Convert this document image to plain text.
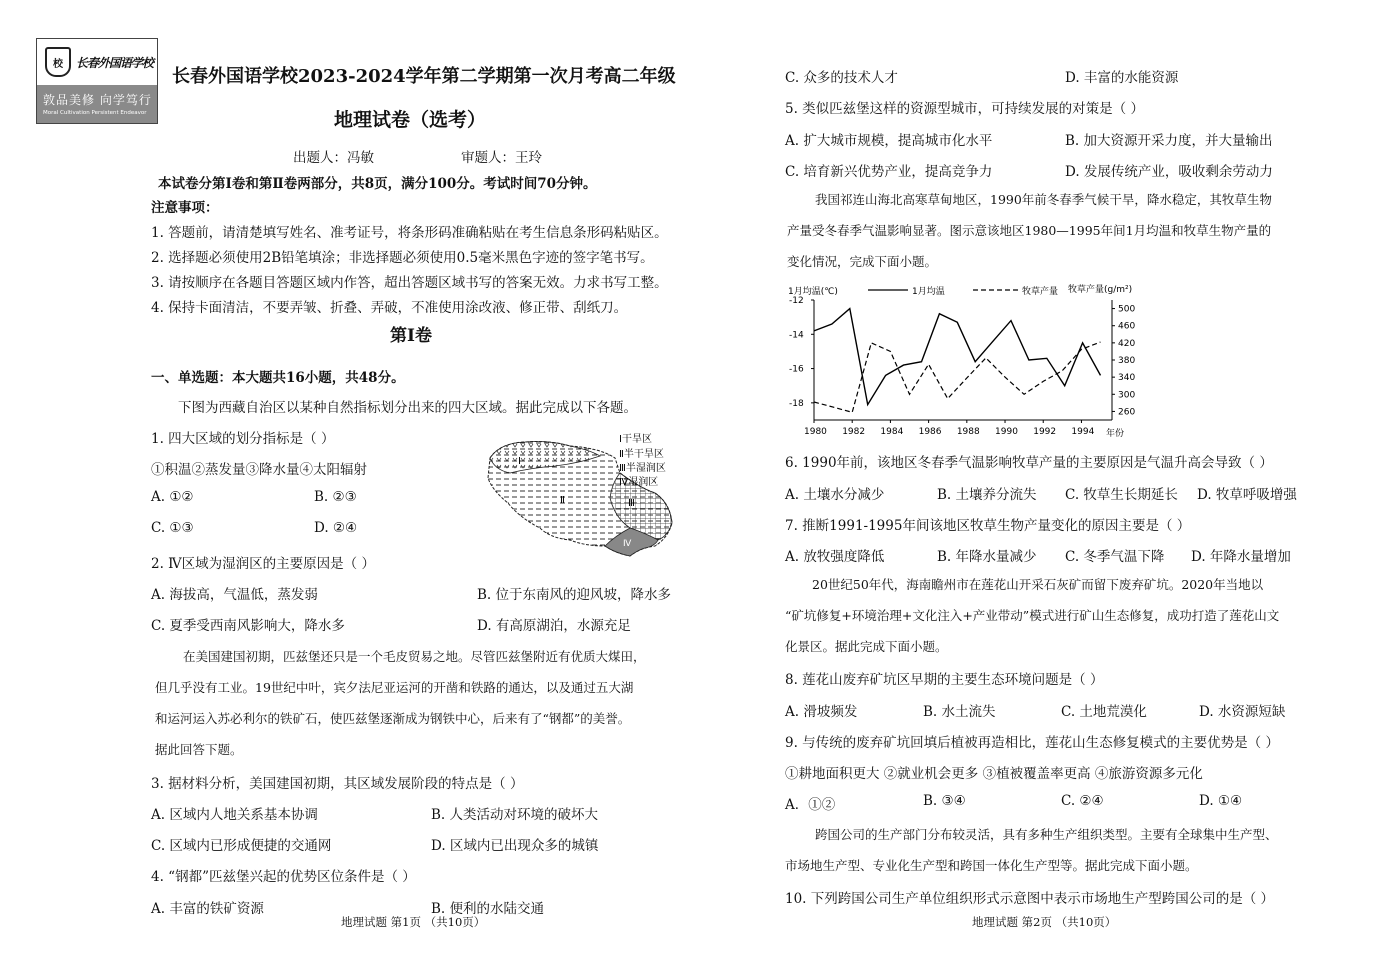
校	长春外国语学校
敦品美修 向学笃行
Moral Cultivation Persistent Endeavor
长春外国语学校2023-2024学年第二学期第一次月考高二年级
地理试卷（选考）
出题人：冯敏	审题人：王玲
本试卷分第Ⅰ卷和第Ⅱ卷两部分，共8页，满分100分。考试时间70分钟。
注意事项：
1. 答题前，请清楚填写姓名、准考证号，将条形码准确粘贴在考生信息条形码粘贴区。
2. 选择题必须使用2B铅笔填涂；非选择题必须使用0.5毫米黑色字迹的签字笔书写。
3. 请按顺序在各题目答题区域内作答，超出答题区域书写的答案无效。力求书写工整。
4. 保持卡面清洁，不要弄皱、折叠、弄破，不准使用涂改液、修正带、刮纸刀。
第Ⅰ卷
一、单选题：本大题共16小题，共48分。
下图为西藏自治区以某种自然指标划分出来的四大区域。据此完成以下各题。
1. 四大区域的划分指标是（ ）
①积温②蒸发量③降水量④太阳辐射
A. ①②	B. ②③
C. ①③	D. ②④
Ⅰ
Ⅱ	Ⅲ
Ⅳ
Ⅰ干旱区
Ⅱ半干旱区
Ⅲ半湿润区
Ⅳ湿润区
2. Ⅳ区域为湿润区的主要原因是（ ）
A. 海拔高，气温低，蒸发弱	B. 位于东南风的迎风坡，降水多
C. 夏季受西南风影响大，降水多	D. 有高原湖泊，水源充足
在美国建国初期，匹兹堡还只是一个毛皮贸易之地。尽管匹兹堡附近有优质大煤田，
但几乎没有工业。19世纪中叶，宾夕法尼亚运河的开凿和铁路的通达，以及通过五大湖
和运河运入苏必利尔的铁矿石，使匹兹堡逐渐成为钢铁中心，后来有了“钢都”的美誉。
据此回答下题。
3. 据材料分析，美国建国初期，其区域发展阶段的特点是（ ）
A. 区域内人地关系基本协调	B. 人类活动对环境的破坏大
C. 区域内已形成便捷的交通网	D. 区域内已出现众多的城镇
4. “钢都”匹兹堡兴起的优势区位条件是（ ）
A. 丰富的铁矿资源	B. 便利的水陆交通
地理试题 第1页 （共10页）
C. 众多的技术人才	D. 丰富的水能资源
5. 类似匹兹堡这样的资源型城市，可持续发展的对策是（ ）
A. 扩大城市规模，提高城市化水平	B. 加大资源开采力度，并大量输出
C. 培育新兴优势产业，提高竞争力	D. 发展传统产业，吸收剩余劳动力
我国祁连山海北高寒草甸地区，1990年前冬春季气候干旱，降水稳定，其牧草生物
产量受冬春季气温影响显著。图示意该地区1980—1995年间1月均温和牧草生物产量的
变化情况，完成下面小题。
1月均温(℃)	1月均温	牧草产量 牧草产量(g/m²)
年份
1980 1982 1984 1986 1988 1990 1992 1994
-12
-14
-16
-18
260
300
340
380
420
460
500
6. 1990年前，该地区冬春季气温影响牧草产量的主要原因是气温升高会导致（ ）
A. 土壤水分减少	B. 土壤养分流失 C. 牧草生长期延长 D. 牧草呼吸增强
7. 推断1991-1995年间该地区牧草生物产量变化的原因主要是（ ）
A. 放牧强度降低	B. 年降水量减少 C. 冬季气温下降 D. 年降水量增加
20世纪50年代，海南瞻州市在莲花山开采石灰矿而留下废弃矿坑。2020年当地以
“矿坑修复+环境治理+文化注入+产业带动”模式进行矿山生态修复，成功打造了莲花山文
化景区。据此完成下面小题。
8. 莲花山废弃矿坑区早期的主要生态环境问题是（ ）
A. 滑坡频发	B. 水土流失	C. 土地荒漠化	D. 水资源短缺
9. 与传统的废弃矿坑回填后植被再造相比，莲花山生态修复模式的主要优势是（ ）
①耕地面积更大 ②就业机会更多 ③植被覆盖率更高 ④旅游资源多元化
A．①②	B. ③④	C. ②④	D. ①④
跨国公司的生产部门分布较灵活，具有多种生产组织类型。主要有全球集中生产型、
市场地生产型、专业化生产型和跨国一体化生产型等。据此完成下面小题。
10. 下列跨国公司生产单位组织形式示意图中表示市场地生产型跨国公司的是（ ）
地理试题 第2页 （共10页）
